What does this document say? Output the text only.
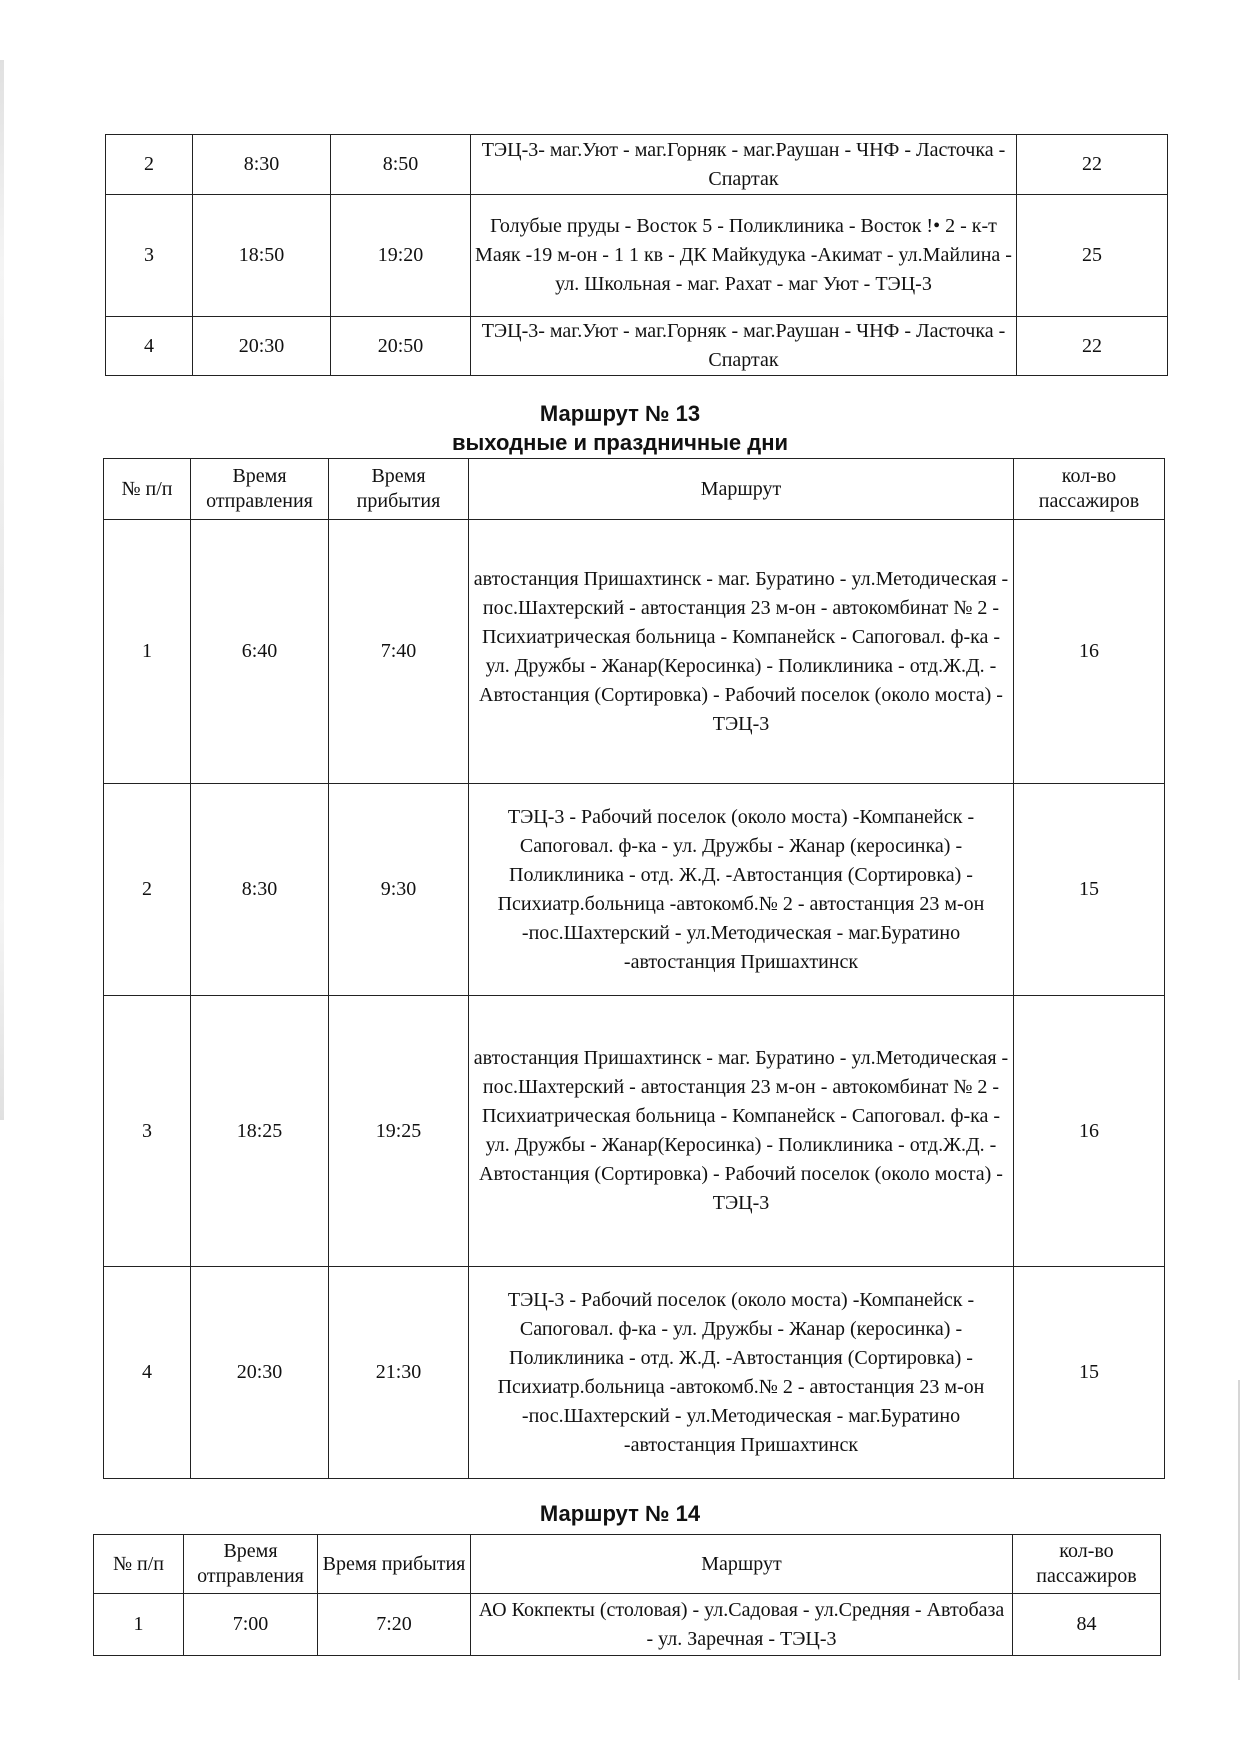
2	8:30	8:50	ТЭЦ-3- маг.Уют - маг.Горняк - маг.Раушан - ЧНФ - Ласточка - Спартак	22
3	18:50	19:20	Голубые пруды - Восток 5 - Поликлиника - Восток !• 2 - к-т Маяк -19 м-он - 1 1 кв - ДК Майкудука -Акимат - ул.Майлина - ул. Школьная - маг. Рахат - маг Уют - ТЭЦ-3	25
4	20:30	20:50	ТЭЦ-3- маг.Уют - маг.Горняк - маг.Раушан - ЧНФ - Ласточка - Спартак	22
Маршрут № 13
выходные и праздничные дни
№ п/п	Время отправления	Время прибытия	Маршрут	кол-во пассажиров
1	6:40	7:40	автостанция Пришахтинск - маг. Буратино - ул.Методическая - пос.Шахтерский - автостанция 23 м-он - автокомбинат № 2 - Психиатрическая больница - Компанейск - Сапоговал. ф-ка - ул. Дружбы - Жанар(Керосинка) - Поликлиника - отд.Ж.Д. - Автостанция (Сортировка) - Рабочий поселок (около моста) - ТЭЦ-3	16
2	8:30	9:30	ТЭЦ-3 - Рабочий поселок (около моста) -Компанейск - Сапоговал. ф-ка - ул. Дружбы - Жанар (керосинка) - Поликлиника - отд. Ж.Д. -Автостанция (Сортировка) - Психиатр.больница -автокомб.№ 2 - автостанция 23 м-он -пос.Шахтерский - ул.Методическая - маг.Буратино -автостанция Пришахтинск	15
3	18:25	19:25	автостанция Пришахтинск - маг. Буратино - ул.Методическая - пос.Шахтерский - автостанция 23 м-он - автокомбинат № 2 - Психиатрическая больница - Компанейск - Сапоговал. ф-ка - ул. Дружбы - Жанар(Керосинка) - Поликлиника - отд.Ж.Д. - Автостанция (Сортировка) - Рабочий поселок (около моста) - ТЭЦ-3	16
4	20:30	21:30	ТЭЦ-3 - Рабочий поселок (около моста) -Компанейск - Сапоговал. ф-ка - ул. Дружбы - Жанар (керосинка) - Поликлиника - отд. Ж.Д. -Автостанция (Сортировка) - Психиатр.больница -автокомб.№ 2 - автостанция 23 м-он -пос.Шахтерский - ул.Методическая - маг.Буратино -автостанция Пришахтинск	15
Маршрут № 14
№ п/п	Время отправления	Время прибытия	Маршрут	кол-во пассажиров
1	7:00	7:20	АО Кокпекты (столовая) - ул.Садовая - ул.Средняя - Автобаза - ул. Заречная - ТЭЦ-3	84
